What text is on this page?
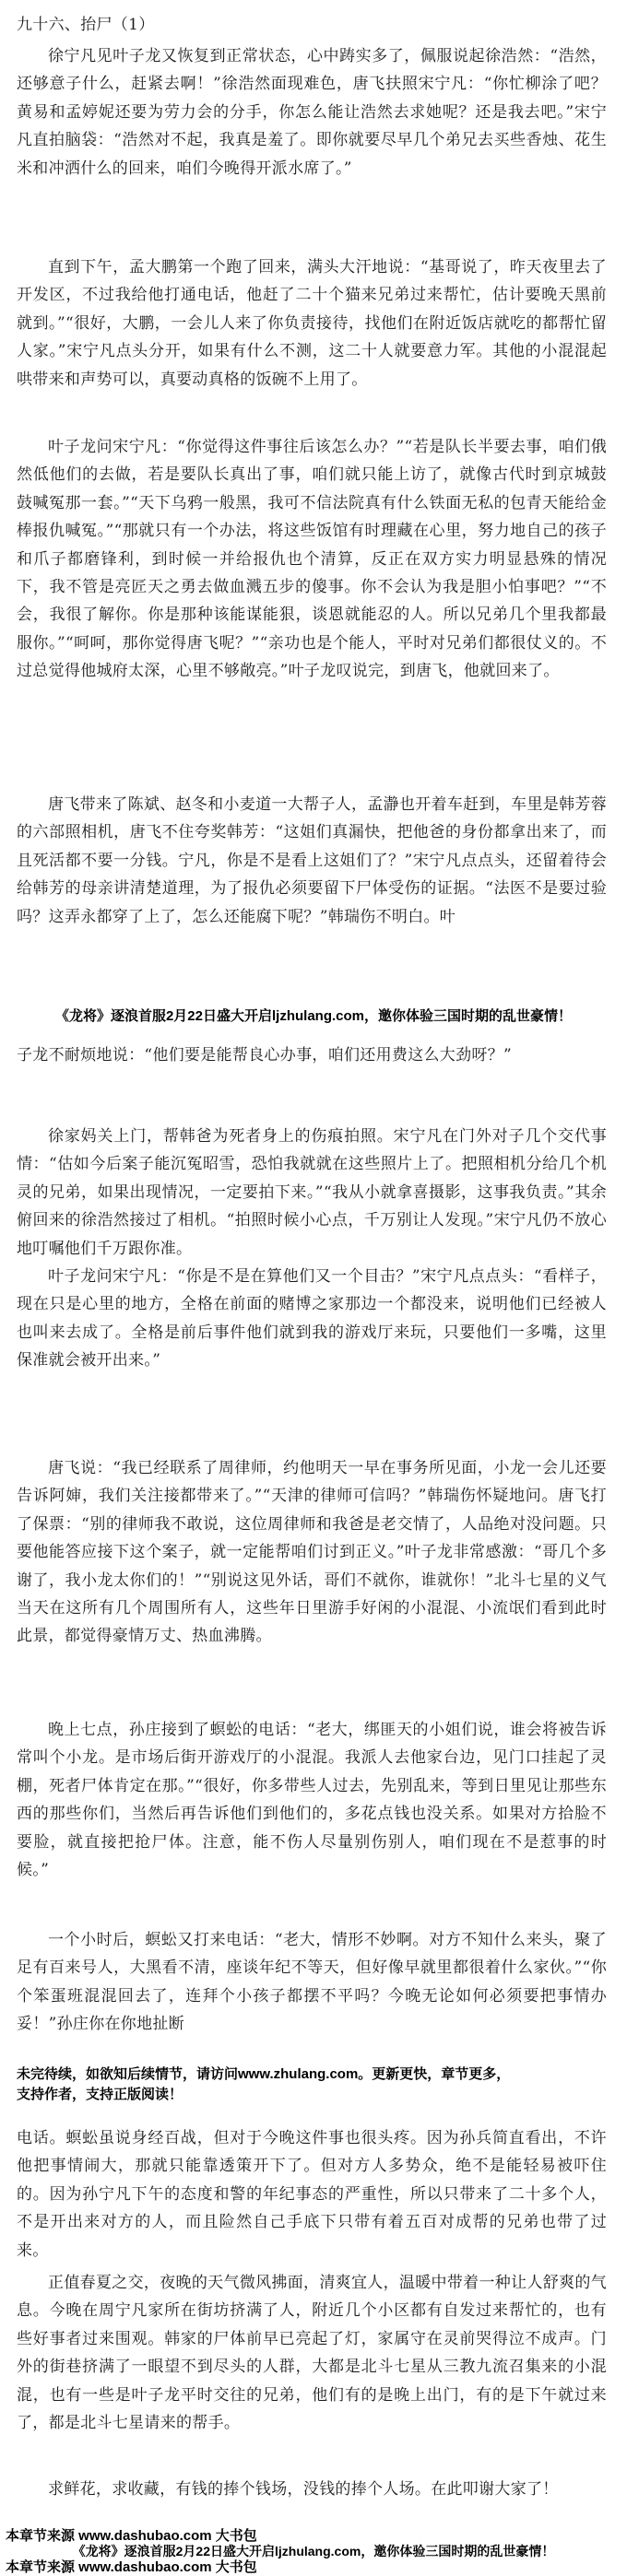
九十六、抬尸（1）

徐宁凡见叶子龙又恢复到正常状态，心中踌实多了，佩服说起徐浩然：“浩然，还够意子什么，赶紧去啊！”徐浩然面现难色，唐飞扶照宋宁凡：“你忙柳涂了吧？黄易和孟婷妮还要为劳力会的分手，你怎么能让浩然去求她呢？还是我去吧。”宋宁凡直拍脑袋：“浩然对不起，我真是羞了。即你就要尽早几个弟兄去买些香烛、花生米和冲洒什么的回来，咱们今晚得开派水席了。”

直到下午，孟大鹏第一个跑了回来，满头大汗地说：“基哥说了，昨天夜里去了开发区，不过我给他打通电话，他赶了二十个猫来兄弟过来帮忙，估计要晚天黑前就到。”“很好，大鹏，一会儿人来了你负责接待，找他们在附近饭店就吃的都帮忙留人家。”宋宁凡点头分开，如果有什么不测，这二十人就要意力军。其他的小混混起哄带来和声势可以，真要动真格的饭碗不上用了。

叶子龙问宋宁凡：“你觉得这件事往后该怎么办？”“若是队长半要去事，咱们俄然低他们的去做，若是要队长真出了事，咱们就只能上访了，就像古代时到京城鼓鼓喊冤那一套。”“天下乌鸦一般黑，我可不信法院真有什么铁面无私的包青天能给金棒报仇喊冤。”“那就只有一个办法，将这些饭馆有时理藏在心里，努力地自己的孩子和爪子都磨锋利，到时候一并给报仇也个清算，反正在双方实力明显悬殊的情况下，我不管是亮匠天之勇去做血溅五步的傻事。你不会认为我是胆小怕事吧？”“不会，我很了解你。你是那种该能谋能狠，谈恩就能忍的人。所以兄弟几个里我都最服你。”“呵呵，那你觉得唐飞呢？”“亲功也是个能人，平时对兄弟们都很仗义的。不过总觉得他城府太深，心里不够敞亮。”叶子龙叹说完，到唐飞，他就回来了。

唐飞带来了陈斌、赵冬和小麦道一大帮子人，孟瀞也开着车赶到，车里是韩芳蓉的六部照相机，唐飞不住夸奖韩芳：“这姐们真漏快，把他爸的身份都拿出来了，而且死活都不要一分钱。宁凡，你是不是看上这姐们了？”宋宁凡点点头，还留着待会给韩芳的母亲讲清楚道理，为了报仇必须要留下尸体受伤的证据。“法医不是要过验吗？这弄永都穿了上了，怎么还能腐下呢？”韩瑞伤不明白。叶

《龙将》逐浪首服2月22日盛大开启ljzhulang.com，邀你体验三国时期的乱世豪情！

子龙不耐烦地说：“他们要是能帮良心办事，咱们还用费这么大劲呀？”

徐家妈关上门，帮韩爸为死者身上的伤痕拍照。宋宁凡在门外对子几个交代事情：“估如今后案子能沉冤昭雪，恐怕我就就在这些照片上了。把照相机分给几个机灵的兄弟，如果出现情况，一定要拍下来。”“我从小就拿喜摄影，这事我负责。”其余俯回来的徐浩然接过了相机。“拍照时候小心点，千万别让人发现。”宋宁凡仍不放心地叮嘱他们千万跟你准。

叶子龙问宋宁凡：“你是不是在算他们又一个目击？”宋宁凡点点头：“看样子，现在只是心里的地方，全格在前面的赌博之家那边一个都没来，说明他们已经被人也叫来去成了。全格是前后事件他们就到我的游戏厅来玩，只要他们一多嘴，这里保准就会被开出来。”

唐飞说：“我已经联系了周律师，约他明天一早在事务所见面，小龙一会儿还要告诉阿婶，我们关注接都带来了。”“天津的律师可信吗？”韩瑞伤怀疑地问。唐飞打了保票：“别的律师我不敢说，这位周律师和我爸是老交情了，人品绝对没问题。只要他能答应接下这个案子，就一定能帮咱们讨到正义。”叶子龙非常感激：“哥几个多谢了，我小龙太你们的！”“别说这见外话，哥们不就你，谁就你！”北斗七星的义气当天在这所有几个周围所有人，这些年日里游手好闲的小混混、小流氓们看到此时此景，都觉得豪情万丈、热血沸腾。

晚上七点，孙庄接到了螟蚣的电话：“老大，绑匪天的小姐们说，谁会将被告诉常叫个小龙。是市场后街开游戏厅的小混混。我派人去他家台边，见门口挂起了灵棚，死者尸体肯定在那。”“很好，你多带些人过去，先别乱来，等到日里见让那些东西的那些你们，当然后再告诉他们到他们的，多花点钱也没关系。如果对方拾脸不要脸，就直接把抢尸体。注意，能不伤人尽量别伤别人，咱们现在不是惹事的时候。”

一个小时后，螟蚣又打来电话：“老大，情形不妙啊。对方不知什么来头，聚了足有百来号人，大黑看不清，座谈年纪不等天，但好像早就里都很着什么家伙。”“你个笨蛋班混混回去了，连拜个小孩子都摆不平吗？今晚无论如何必须要把事情办妥！”孙庄你在你地扯断

未完待续，如欲知后续情节，请访问www.zhulang.com。更新更快，章节更多，
支持作者，支持正版阅读！

电话。螟蚣虽说身经百战，但对于今晚这件事也很头疼。因为孙兵简直看出，不许他把事情闹大，那就只能靠透策开下了。但对方人多势众，绝不是能轻易被吓住的。因为孙宁凡下午的态度和警的年纪事态的严重性，所以只带来了二十多个人，不是开出来对方的人，而且险然自己手底下只带有着五百对成帮的兄弟也带了过来。

正值春夏之交，夜晚的天气微风拂面，清爽宜人，温暖中带着一种让人舒爽的气息。今晚在周宁凡家所在街坊挤满了人，附近几个小区都有自发过来帮忙的，也有些好事者过来围观。韩家的尸体前早已亮起了灯，家属守在灵前哭得泣不成声。门外的街巷挤满了一眼望不到尽头的人群，大都是北斗七星从三教九流召集来的小混混，也有一些是叶子龙平时交往的兄弟，他们有的是晚上出门，有的是下午就过来了，都是北斗七星请来的帮手。

求鲜花，求收藏，有钱的捧个钱场，没钱的捧个人场。在此叩谢大家了！

本章节来源 www.dashubao.com 大书包
《龙将》逐浪首服2月22日盛大开启ljzhulang.com，邀你体验三国时期的乱世豪情！
本章节来源 www.dashubao.com 大书包
